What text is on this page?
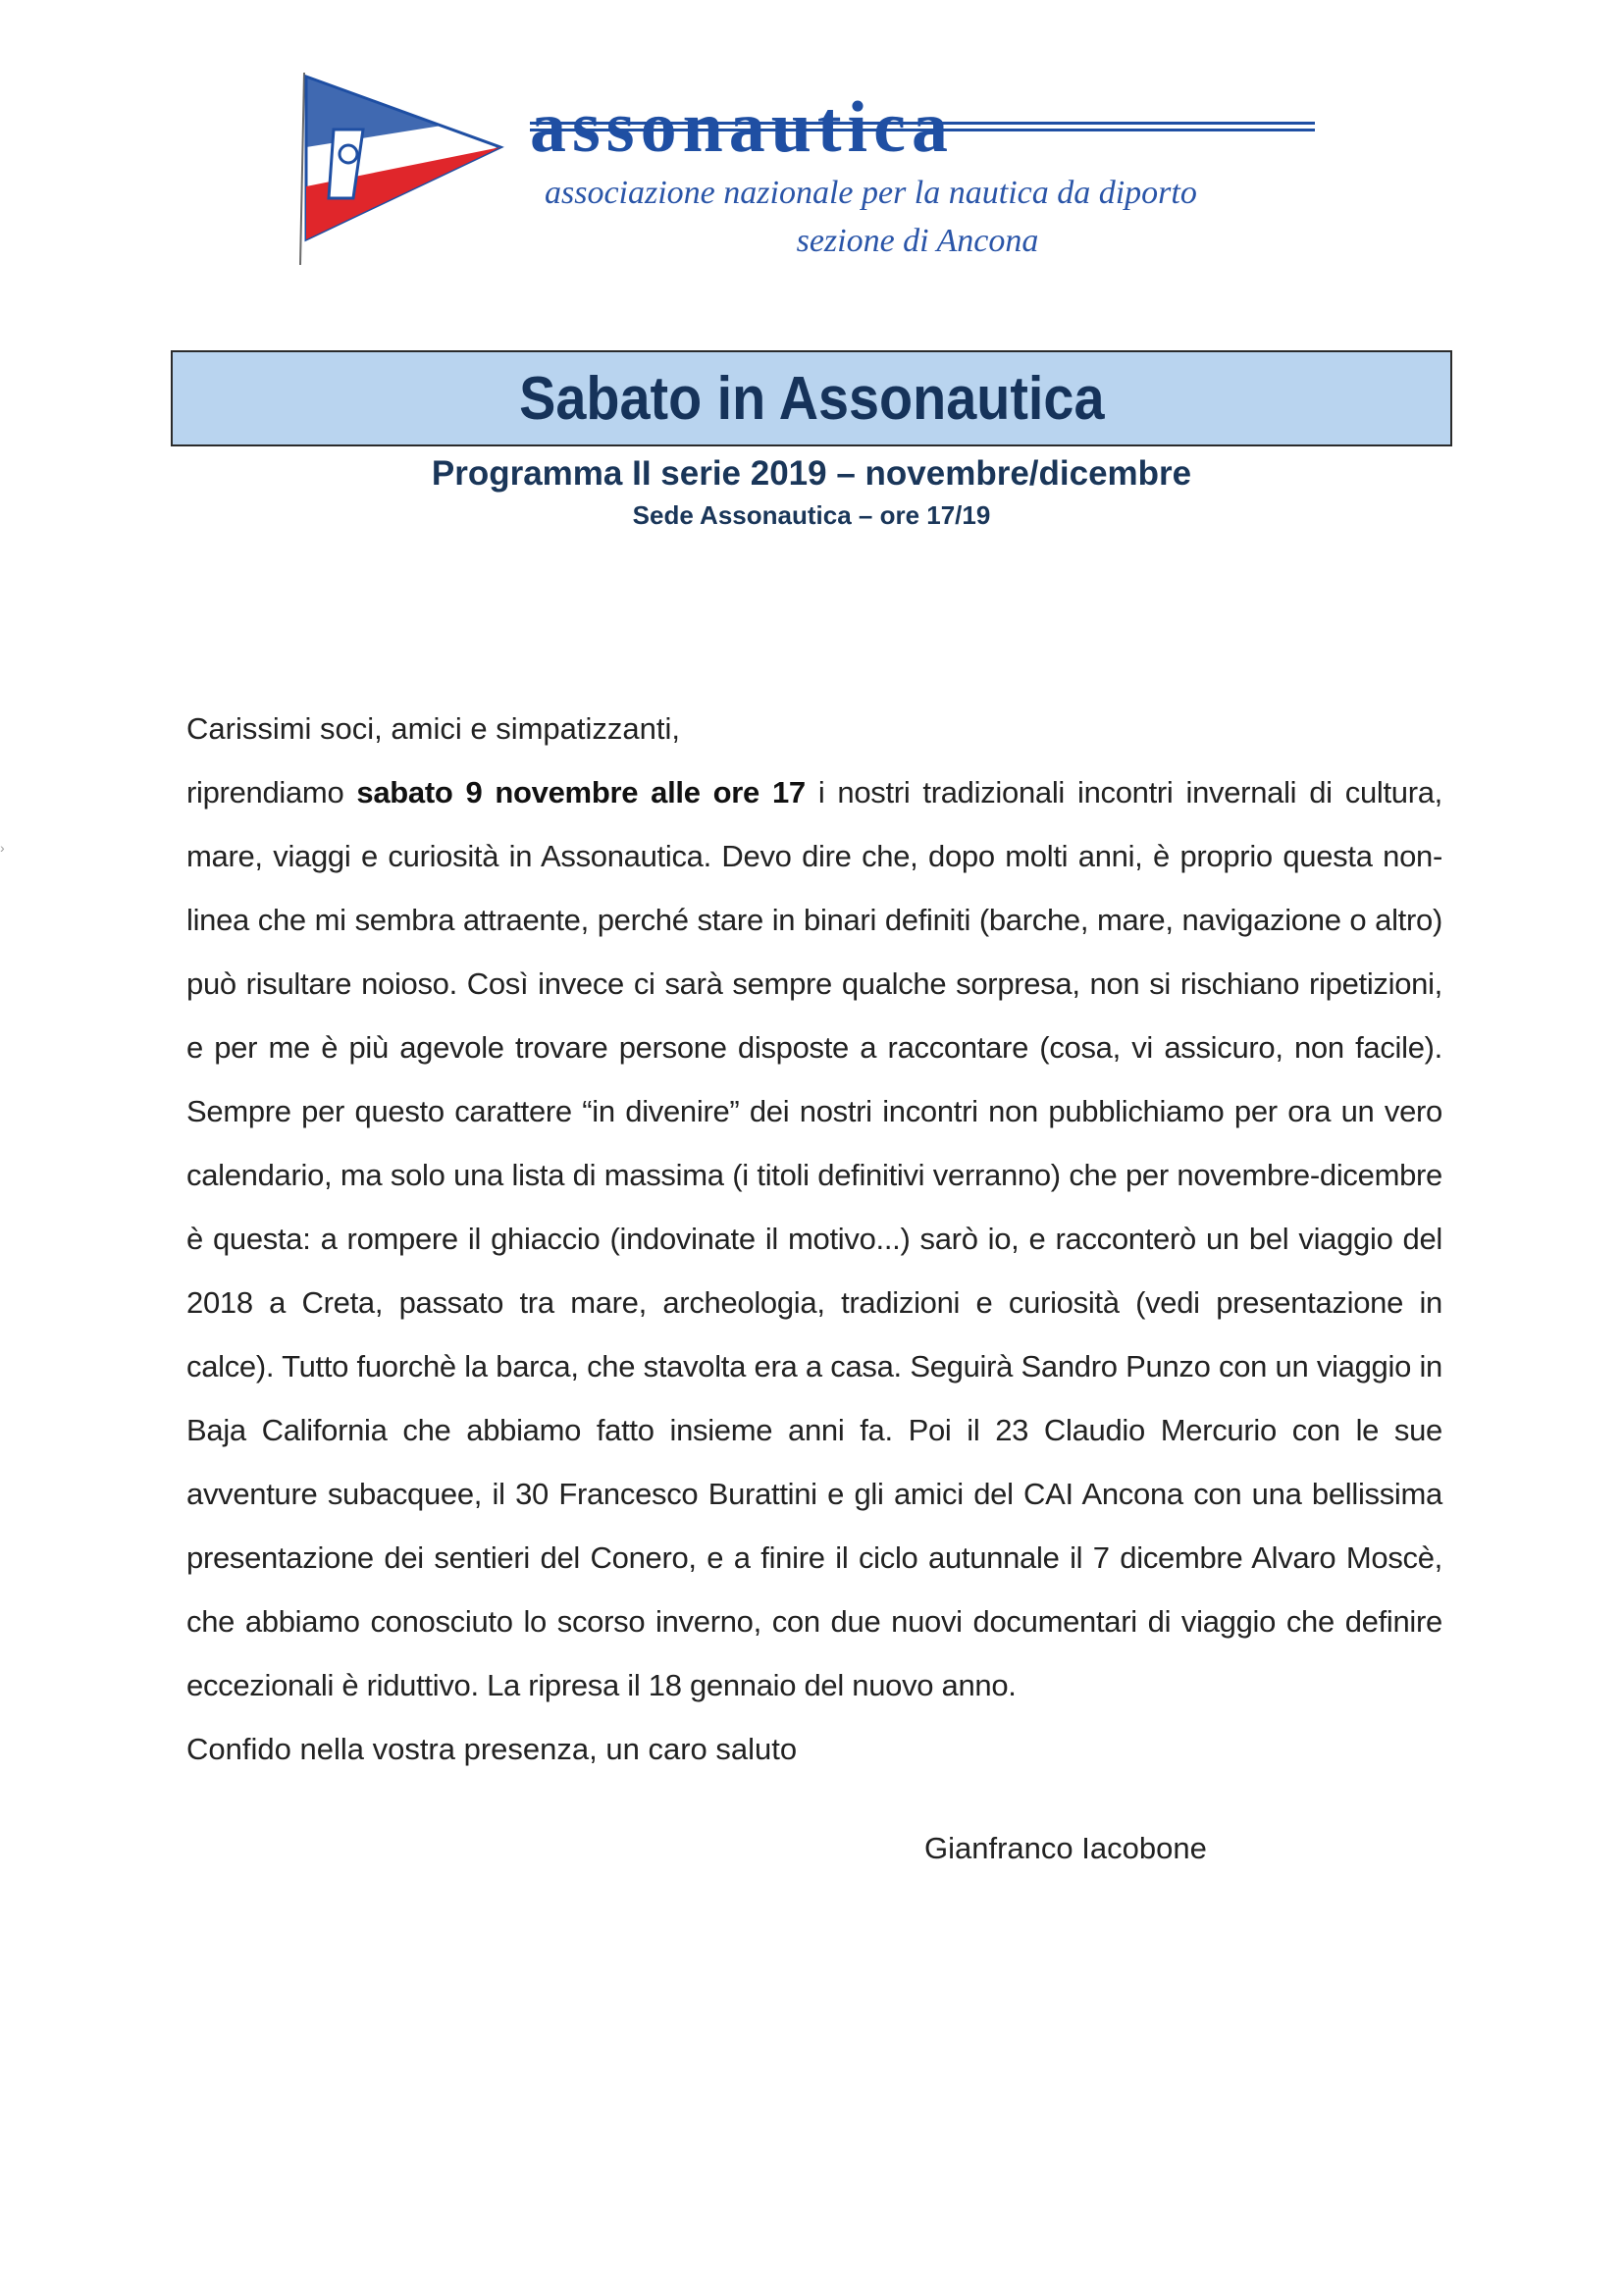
assonautica
associazione nazionale per la nautica da diporto
sezione di Ancona
Sabato in Assonautica
Programma II serie 2019 – novembre/dicembre
Sede Assonautica – ore 17/19

Carissimi soci, amici e simpatizzanti,

riprendiamo sabato 9 novembre alle ore 17 i nostri tradizionali incontri invernali di cultura, mare, viaggi e curiosità in Assonautica. Devo dire che, dopo molti anni, è proprio questa non-linea che mi sembra attraente, perché stare in binari definiti (barche, mare, navigazione o altro) può risultare noioso. Così invece ci sarà sempre qualche sorpresa, non si rischiano ripetizioni, e per me è più agevole trovare persone disposte a raccontare (cosa, vi assicuro, non facile). Sempre per questo carattere “in divenire” dei nostri incontri non pubblichiamo per ora un vero calendario, ma solo una lista di massima (i titoli definitivi verranno) che per novembre-dicembre è questa: a rompere il ghiaccio (indovinate il motivo...) sarò io, e racconterò un bel viaggio del 2018 a Creta, passato tra mare, archeologia, tradizioni e curiosità (vedi presentazione in calce). Tutto fuorchè la barca, che stavolta era a casa. Seguirà Sandro Punzo con un viaggio in Baja California che abbiamo fatto insieme anni fa. Poi il 23 Claudio Mercurio con le sue avventure subacquee, il 30 Francesco Burattini e gli amici del CAI Ancona con una bellissima presentazione dei sentieri del Conero, e a finire il ciclo autunnale il 7 dicembre Alvaro Moscè, che abbiamo conosciuto lo scorso inverno, con due nuovi documentari di viaggio che definire eccezionali è riduttivo. La ripresa il 18 gennaio del nuovo anno.

Confido nella vostra presenza, un caro saluto

Gianfranco Iacobone
›
